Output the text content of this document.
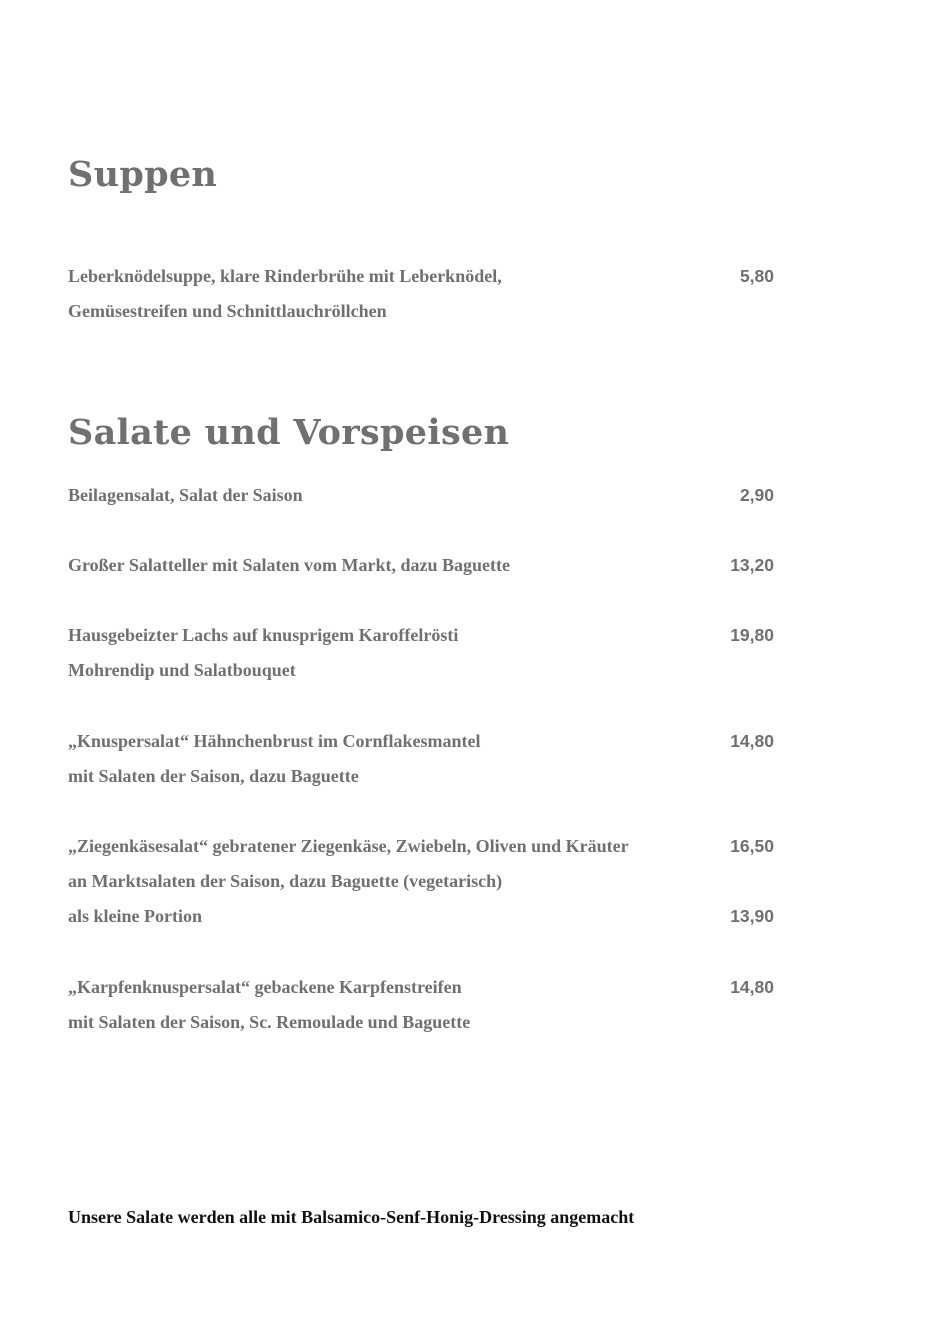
Suppen

Leberknödelsuppe, klare Rinderbrühe mit Leberknödel,	5,80

Gemüsestreifen und Schnittlauchröllchen

Salate und Vorspeisen

Beilagensalat, Salat der Saison	2,90

Großer Salatteller mit Salaten vom Markt, dazu Baguette	13,20

Hausgebeizter Lachs auf knusprigem Karoffelrösti	19,80

Mohrendip und Salatbouquet

„Knuspersalat“ Hähnchenbrust im Cornflakesmantel	14,80

mit Salaten der Saison, dazu Baguette

„Ziegenkäsesalat“ gebratener Ziegenkäse, Zwiebeln, Oliven und Kräuter	16,50

an Marktsalaten der Saison, dazu Baguette (vegetarisch)

als kleine Portion	13,90

„Karpfenknuspersalat“ gebackene Karpfenstreifen	14,80

mit Salaten der Saison, Sc. Remoulade und Baguette

Unsere Salate werden alle mit Balsamico-Senf-Honig-Dressing angemacht
